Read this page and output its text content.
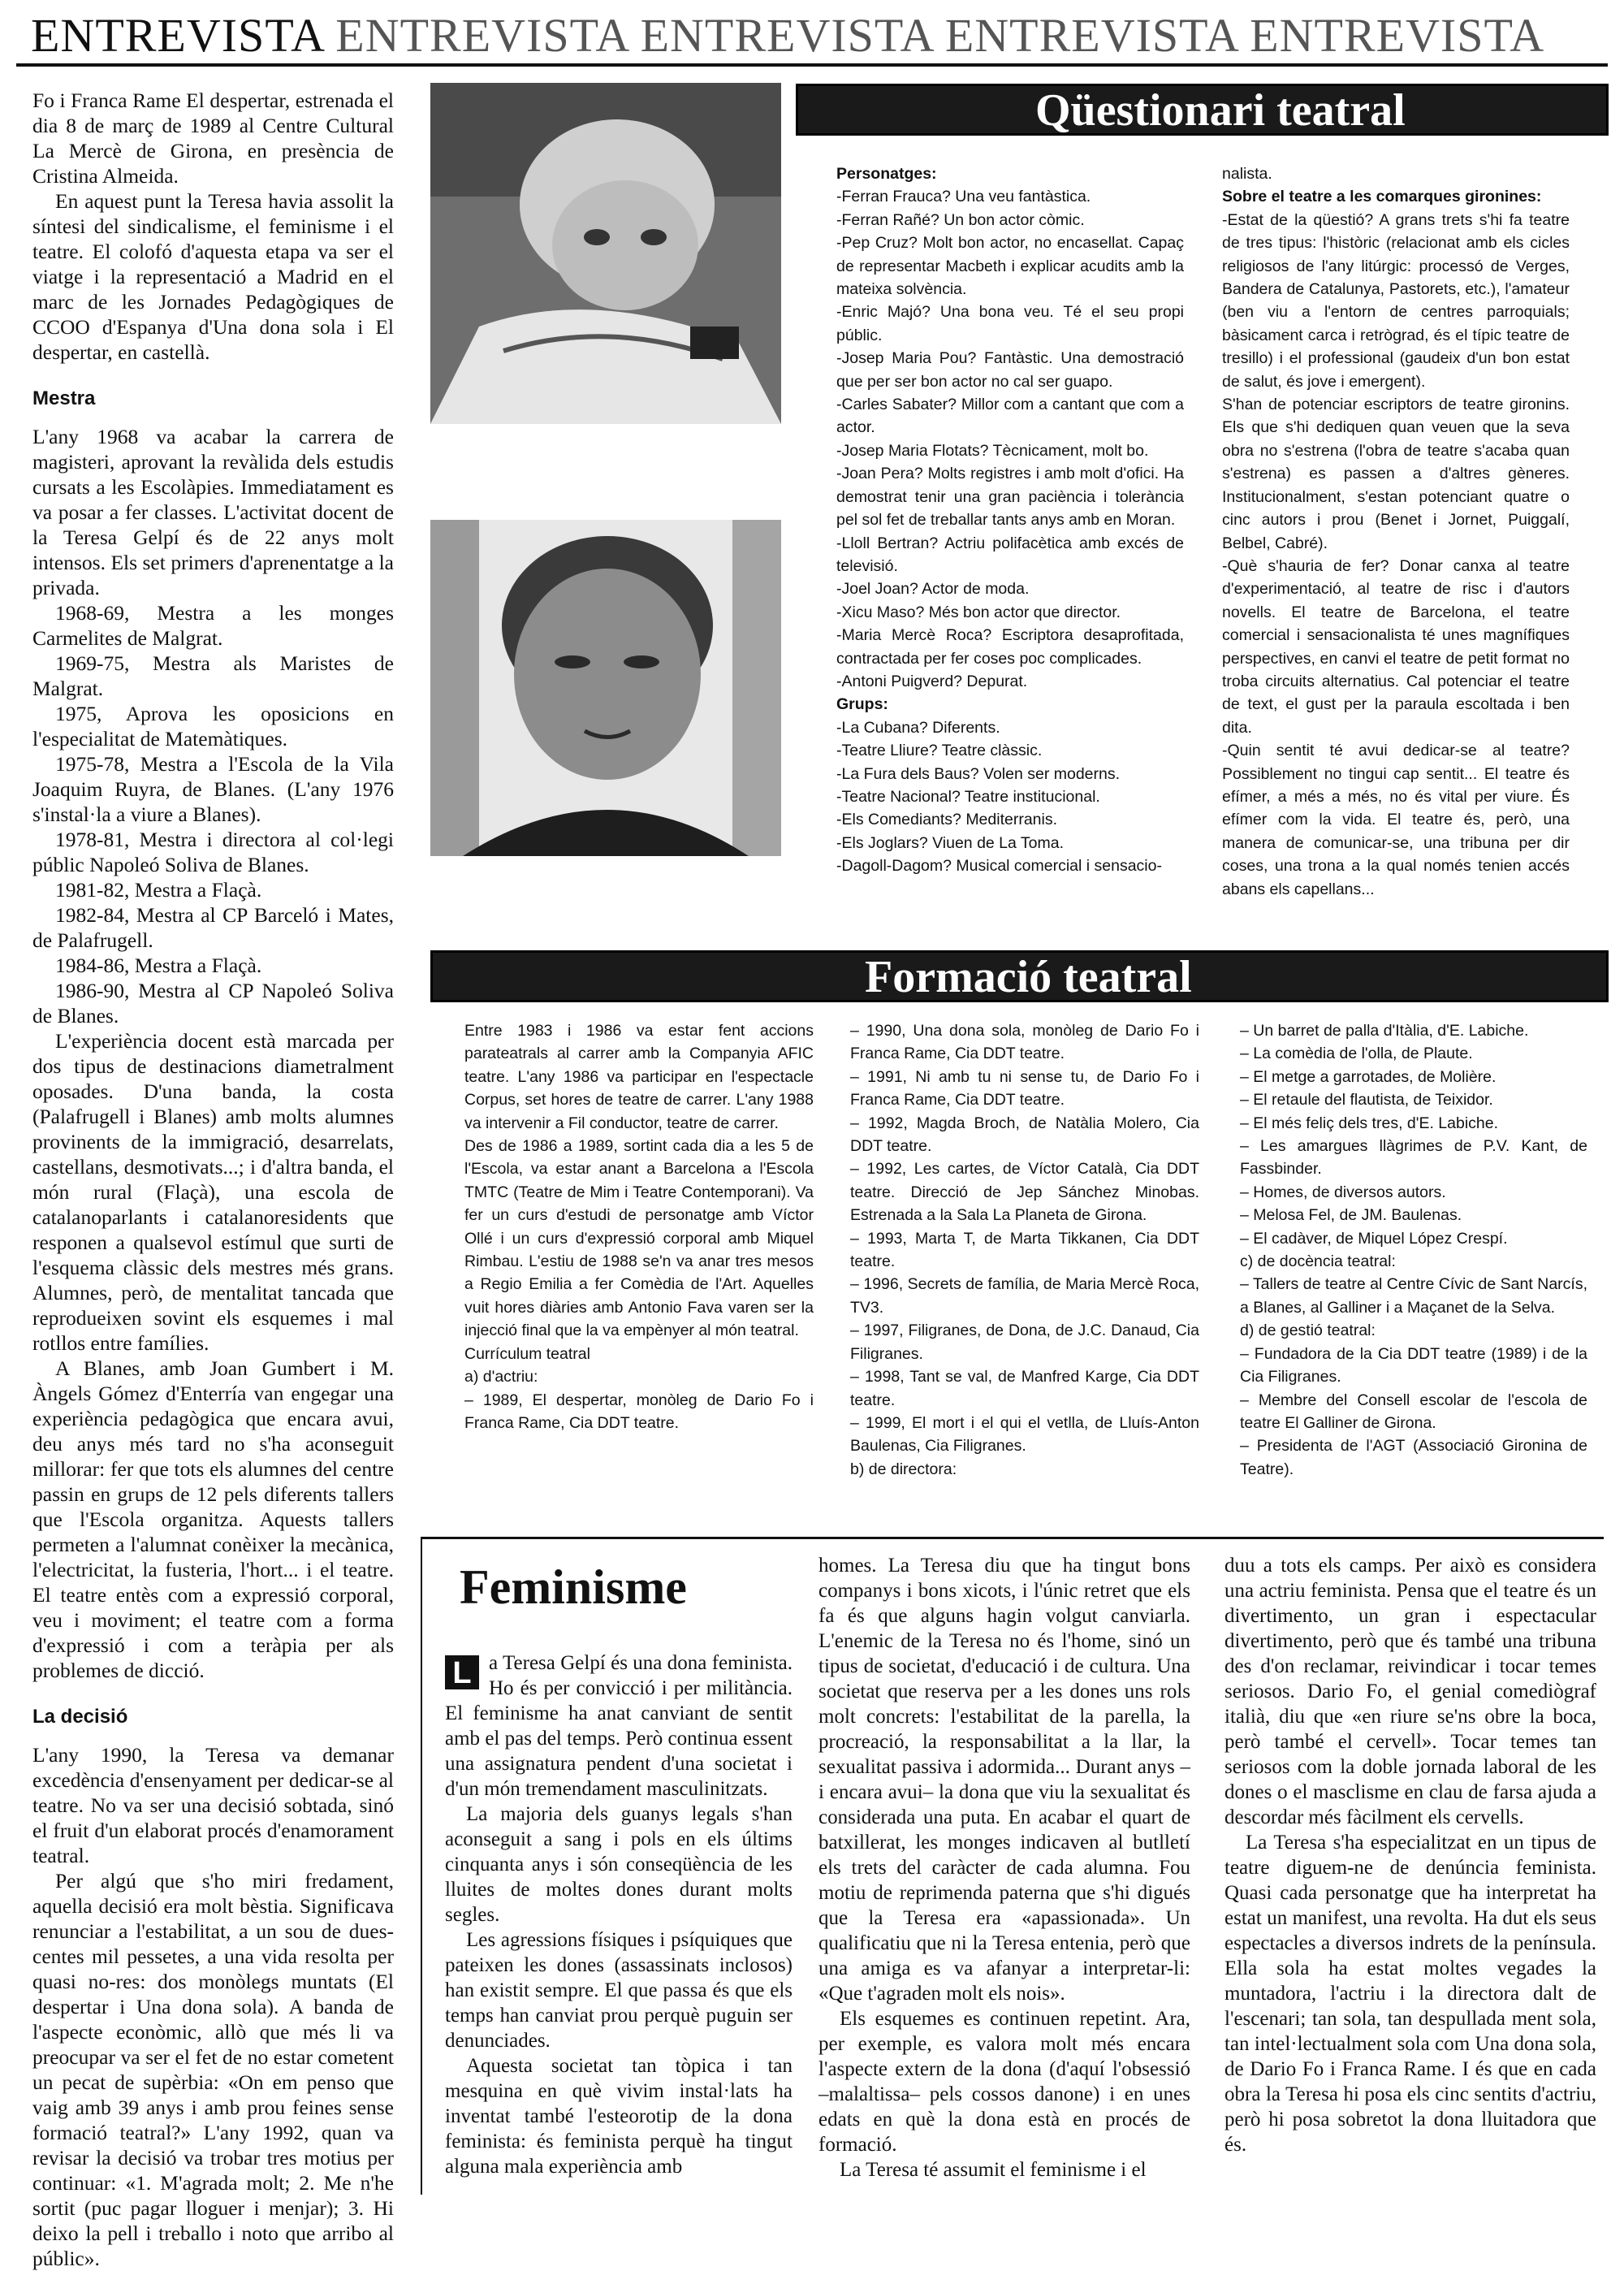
ENTREVISTA ENTREVISTA ENTREVISTA ENTREVISTA ENTREVISTA

Fo i Franca Rame El despertar, estrenada el dia 8 de març de 1989 al Centre Cultural La Mercè de Girona, en presència de Cristina Almeida.

En aquest punt la Teresa havia assolit la síntesi del sindicalisme, el feminisme i el teatre. El colofó d'aquesta etapa va ser el viatge i la representació a Madrid en el marc de les Jornades Pedagògiques de CCOO d'Espanya d'Una dona sola i El despertar, en castellà.

Mestra

L'any 1968 va acabar la carrera de magisteri, aprovant la revàlida dels estudis cursats a les Escolàpies. Immediatament es va posar a fer classes. L'activitat docent de la Teresa Gelpí és de 22 anys molt intensos. Els set primers d'aprenentatge a la privada.

1968-69, Mestra a les monges Carmelites de Malgrat.

1969-75, Mestra als Maristes de Malgrat.

1975, Aprova les oposicions en l'especialitat de Matemàtiques.

1975-78, Mestra a l'Escola de la Vila Joaquim Ruyra, de Blanes. (L'any 1976 s'instal·la a viure a Blanes).

1978-81, Mestra i directora al col·legi públic Napoleó Soliva de Blanes.

1981-82, Mestra a Flaçà.

1982-84, Mestra al CP Barceló i Mates, de Palafrugell.

1984-86, Mestra a Flaçà.

1986-90, Mestra al CP Napoleó Soliva de Blanes.

L'experiència docent està marcada per dos tipus de destinacions diametralment oposades. D'una banda, la costa (Palafrugell i Blanes) amb molts alumnes provinents de la immigració, desarrelats, castellans, desmotivats...; i d'altra banda, el món rural (Flaçà), una escola de catalanoparlants i catalanoresidents que responen a qualsevol estímul que surti de l'esquema clàssic dels mestres més grans. Alumnes, però, de mentalitat tancada que reprodueixen sovint els esquemes i mal rotllos entre famílies.

A Blanes, amb Joan Gumbert i M. Àngels Gómez d'Enterría van engegar una experiència pedagògica que encara avui, deu anys més tard no s'ha aconseguit millorar: fer que tots els alumnes del centre passin en grups de 12 pels diferents tallers que l'Escola organitza. Aquests tallers permeten a l'alumnat conèixer la mecànica, l'electricitat, la fusteria, l'hort... i el teatre. El teatre entès com a expressió corporal, veu i moviment; el teatre com a forma d'expressió i com a teràpia per als problemes de dicció.

La decisió

L'any 1990, la Teresa va demanar excedència d'ensenyament per dedicar-se al teatre. No va ser una decisió sobtada, sinó el fruit d'un elaborat procés d'enamorament teatral.

Per algú que s'ho miri fredament, aquella decisió era molt bèstia. Significava renunciar a l'estabilitat, a un sou de dues-centes mil pessetes, a una vida resolta per quasi no-res: dos monòlegs muntats (El despertar i Una dona sola). A banda de l'aspecte econòmic, allò que més li va preocupar va ser el fet de no estar cometent un pecat de supèrbia: «On em penso que vaig amb 39 anys i amb prou feines sense formació teatral?» L'any 1992, quan va revisar la decisió va trobar tres motius per continuar: «1. M'agrada molt; 2. Me n'he sortit (puc pagar lloguer i menjar); 3. Hi deixo la pell i treballo i noto que arribo al públic».

Qüestionari teatral

Personatges:

-Ferran Frauca? Una veu fantàstica.

-Ferran Rañé? Un bon actor còmic.

-Pep Cruz? Molt bon actor, no encasellat. Capaç de representar Macbeth i explicar acudits amb la mateixa solvència.

-Enric Majó? Una bona veu. Té el seu propi públic.

-Josep Maria Pou? Fantàstic. Una demostració que per ser bon actor no cal ser guapo.

-Carles Sabater? Millor com a cantant que com a actor.

-Josep Maria Flotats? Tècnicament, molt bo.

-Joan Pera? Molts registres i amb molt d'ofici. Ha demostrat tenir una gran paciència i tolerància pel sol fet de treballar tants anys amb en Moran.

-Lloll Bertran? Actriu polifacètica amb excés de televisió.

-Joel Joan? Actor de moda.

-Xicu Maso? Més bon actor que director.

-Maria Mercè Roca? Escriptora desaprofitada, contractada per fer coses poc complicades.

-Antoni Puigverd? Depurat.

Grups:

-La Cubana? Diferents.

-Teatre Lliure? Teatre clàssic.

-La Fura dels Baus? Volen ser moderns.

-Teatre Nacional? Teatre institucional.

-Els Comediants? Mediterranis.

-Els Joglars? Viuen de La Toma.

-Dagoll-Dagom? Musical comercial i sensacio-

nalista.

Sobre el teatre a les comarques gironines:

-Estat de la qüestió? A grans trets s'hi fa teatre de tres tipus: l'històric (relacionat amb els cicles religiosos de l'any litúrgic: processó de Verges, Bandera de Catalunya, Pastorets, etc.), l'amateur (ben viu a l'entorn de centres parroquials; bàsicament carca i retrògrad, és el típic teatre de tresillo) i el professional (gaudeix d'un bon estat de salut, és jove i emergent).

S'han de potenciar escriptors de teatre gironins. Els que s'hi dediquen quan veuen que la seva obra no s'estrena (l'obra de teatre s'acaba quan s'estrena) es passen a d'altres gèneres. Institucionalment, s'estan potenciant quatre o cinc autors i prou (Benet i Jornet, Puiggalí, Belbel, Cabré).

-Què s'hauria de fer? Donar canxa al teatre d'experimentació, al teatre de risc i d'autors novells. El teatre de Barcelona, el teatre comercial i sensacionalista té unes magnífiques perspectives, en canvi el teatre de petit format no troba circuits alternatius. Cal potenciar el teatre de text, el gust per la paraula escoltada i ben dita.

-Quin sentit té avui dedicar-se al teatre? Possiblement no tingui cap sentit... El teatre és efímer, a més a més, no és vital per viure. És efímer com la vida. El teatre és, però, una manera de comunicar-se, una tribuna per dir coses, una trona a la qual només tenien accés abans els capellans...

Formació teatral

Entre 1983 i 1986 va estar fent accions parateatrals al carrer amb la Companyia AFIC teatre. L'any 1986 va participar en l'espectacle Corpus, set hores de teatre de carrer. L'any 1988 va intervenir a Fil conductor, teatre de carrer.

Des de 1986 a 1989, sortint cada dia a les 5 de l'Escola, va estar anant a Barcelona a l'Escola TMTC (Teatre de Mim i Teatre Contemporani). Va fer un curs d'estudi de personatge amb Víctor Ollé i un curs d'expressió corporal amb Miquel Rimbau. L'estiu de 1988 se'n va anar tres mesos a Regio Emilia a fer Comèdia de l'Art. Aquelles vuit hores diàries amb Antonio Fava varen ser la injecció final que la va empènyer al món teatral.

Currículum teatral

a) d'actriu:

– 1989, El despertar, monòleg de Dario Fo i Franca Rame, Cia DDT teatre.

– 1990, Una dona sola, monòleg de Dario Fo i Franca Rame, Cia DDT teatre.

– 1991, Ni amb tu ni sense tu, de Dario Fo i Franca Rame, Cia DDT teatre.

– 1992, Magda Broch, de Natàlia Molero, Cia DDT teatre.

– 1992, Les cartes, de Víctor Català, Cia DDT teatre. Direcció de Jep Sánchez Minobas. Estrenada a la Sala La Planeta de Girona.

– 1993, Marta T, de Marta Tikkanen, Cia DDT teatre.

– 1996, Secrets de família, de Maria Mercè Roca, TV3.

– 1997, Filigranes, de Dona, de J.C. Danaud, Cia Filigranes.

– 1998, Tant se val, de Manfred Karge, Cia DDT teatre.

– 1999, El mort i el qui el vetlla, de Lluís-Anton Baulenas, Cia Filigranes.

b) de directora:

– Un barret de palla d'Itàlia, d'E. Labiche.

– La comèdia de l'olla, de Plaute.

– El metge a garrotades, de Molière.

– El retaule del flautista, de Teixidor.

– El més feliç dels tres, d'E. Labiche.

– Les amargues llàgrimes de P.V. Kant, de Fassbinder.

– Homes, de diversos autors.

– Melosa Fel, de JM. Baulenas.

– El cadàver, de Miquel López Crespí.

c) de docència teatral:

– Tallers de teatre al Centre Cívic de Sant Narcís, a Blanes, al Galliner i a Maçanet de la Selva.

d) de gestió teatral:

– Fundadora de la Cia DDT teatre (1989) i de la Cia Filigranes.

– Membre del Consell escolar de l'escola de teatre El Galliner de Girona.

– Presidenta de l'AGT (Associació Gironina de Teatre).

Feminisme

L a Teresa Gelpí és una dona feminista. Ho és per convicció i per militància. El feminisme ha anat canviant de sentit amb el pas del temps. Però continua essent una assignatura pendent d'una societat i d'un món tremendament masculinitzats.

La majoria dels guanys legals s'han aconseguit a sang i pols en els últims cinquanta anys i són conseqüència de les lluites de moltes dones durant molts segles.

Les agressions físiques i psíquiques que pateixen les dones (assassinats inclosos) han existit sempre. El que passa és que els temps han canviat prou perquè puguin ser denunciades.

Aquesta societat tan tòpica i tan mesquina en què vivim instal·lats ha inventat també l'esteorotip de la dona feminista: és feminista perquè ha tingut alguna mala experiència amb

homes. La Teresa diu que ha tingut bons companys i bons xicots, i l'únic retret que els fa és que alguns hagin volgut canviarla. L'enemic de la Teresa no és l'home, sinó un tipus de societat, d'educació i de cultura. Una societat que reserva per a les dones uns rols molt concrets: l'estabilitat de la parella, la procreació, la responsabilitat a la llar, la sexualitat passiva i adormida... Durant anys –i encara avui– la dona que viu la sexualitat és considerada una puta. En acabar el quart de batxillerat, les monges indicaven al butlletí els trets del caràcter de cada alumna. Fou motiu de reprimenda paterna que s'hi digués que la Teresa era «apassionada». Un qualificatiu que ni la Teresa entenia, però que una amiga es va afanyar a interpretar-li: «Que t'agraden molt els nois».

Els esquemes es continuen repetint. Ara, per exemple, es valora molt més encara l'aspecte extern de la dona (d'aquí l'obsessió –malaltissa– pels cossos danone) i en unes edats en què la dona està en procés de formació.

La Teresa té assumit el feminisme i el

duu a tots els camps. Per això es considera una actriu feminista. Pensa que el teatre és un divertimento, un gran i espectacular divertimento, però que és també una tribuna des d'on reclamar, reivindicar i tocar temes seriosos. Dario Fo, el genial comediògraf italià, diu que «en riure se'ns obre la boca, però també el cervell». Tocar temes tan seriosos com la doble jornada laboral de les dones o el masclisme en clau de farsa ajuda a descordar més fàcilment els cervells.

La Teresa s'ha especialitzat en un tipus de teatre diguem-ne de denúncia feminista. Quasi cada personatge que ha interpretat ha estat un manifest, una revolta. Ha dut els seus espectacles a diversos indrets de la península. Ella sola ha estat moltes vegades la muntadora, l'actriu i la directora dalt de l'escenari; tan sola, tan despullada ment sola, tan intel·lectualment sola com Una dona sola, de Dario Fo i Franca Rame. I és que en cada obra la Teresa hi posa els cinc sentits d'actriu, però hi posa sobretot la dona lluitadora que és.
